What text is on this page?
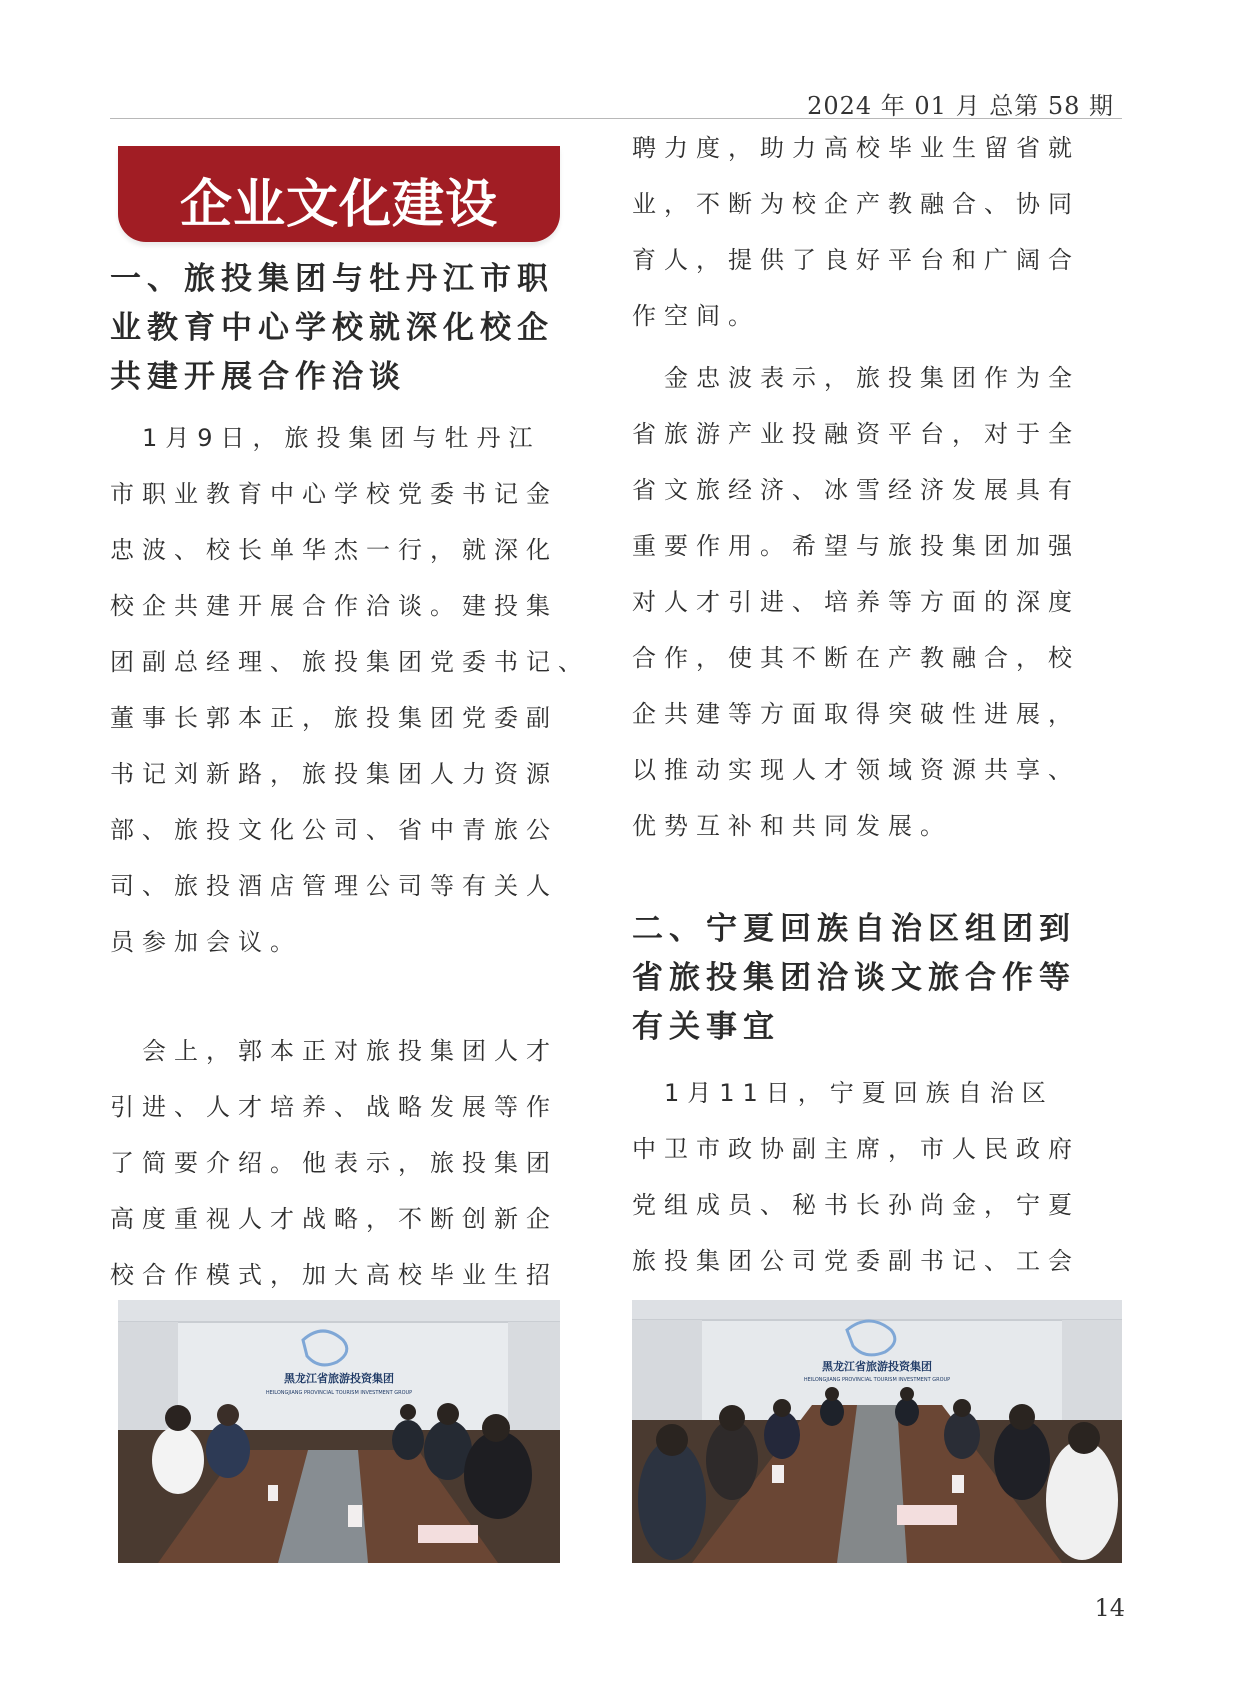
2024 年 01 月 总第 58 期
企业文化建设
一、旅投集团与牡丹江市职
业教育中心学校就深化校企
共建开展合作洽谈
　1月9日，旅投集团与牡丹江
市职业教育中心学校党委书记金
忠波、校长单华杰一行，就深化
校企共建开展合作洽谈。建投集
团副总经理、旅投集团党委书记、
董事长郭本正，旅投集团党委副
书记刘新路，旅投集团人力资源
部、旅投文化公司、省中青旅公
司、旅投酒店管理公司等有关人
员参加会议。
　会上，郭本正对旅投集团人才
引进、人才培养、战略发展等作
了简要介绍。他表示，旅投集团
高度重视人才战略，不断创新企
校合作模式，加大高校毕业生招
黑龙江省旅游投资集团
HEILONGJIANG PROVINCIAL TOURISM INVESTMENT GROUP
聘力度，助力高校毕业生留省就
业，不断为校企产教融合、协同
育人，提供了良好平台和广阔合
作空间。
　金忠波表示，旅投集团作为全
省旅游产业投融资平台，对于全
省文旅经济、冰雪经济发展具有
重要作用。希望与旅投集团加强
对人才引进、培养等方面的深度
合作，使其不断在产教融合，校
企共建等方面取得突破性进展，
以推动实现人才领域资源共享、
优势互补和共同发展。
二、宁夏回族自治区组团到
省旅投集团洽谈文旅合作等
有关事宜
　1月11日，宁夏回族自治区
中卫市政协副主席，市人民政府
党组成员、秘书长孙尚金，宁夏
旅投集团公司党委副书记、工会
黑龙江省旅游投资集团
HEILONGJIANG PROVINCIAL TOURISM INVESTMENT GROUP
14
